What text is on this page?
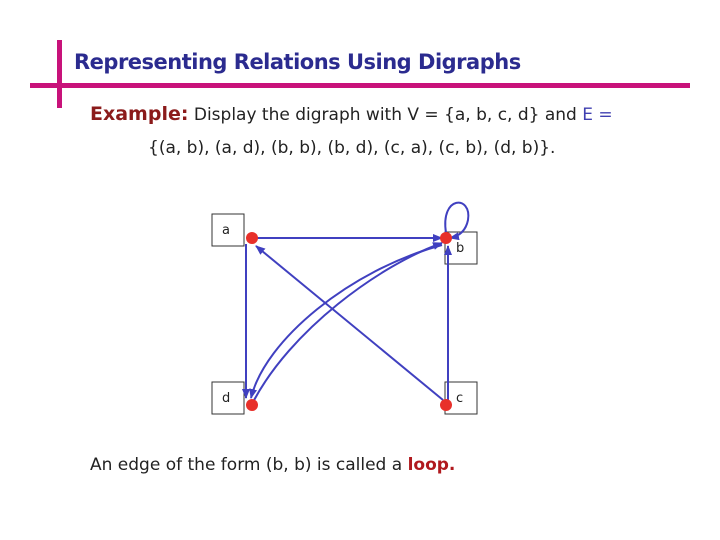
Representing Relations Using Digraphs
Example: Display the digraph with V = {a, b, c, d} and E =
{(a, b), (a, d), (b, b), (b, d), (c, a), (c, b), (d, b)}.
a
b
c
d
An edge of the form (b, b) is called a loop.
